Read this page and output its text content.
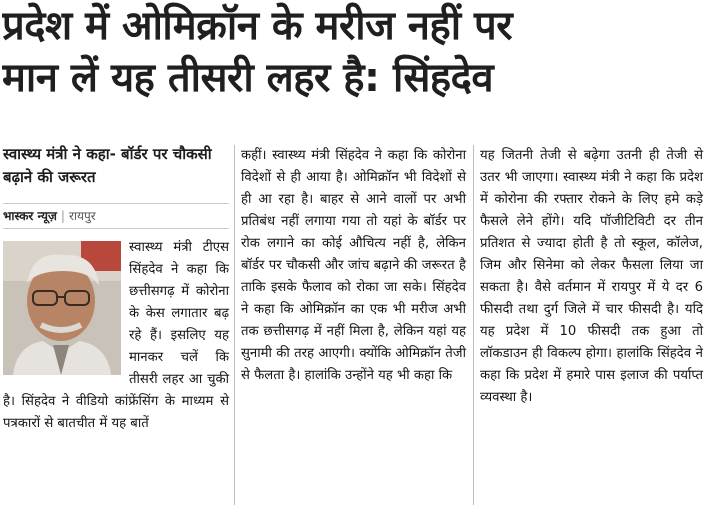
प्रदेश में ओमिक्रॉन के मरीज नहीं पर
मान लें यह तीसरी लहर है: सिंहदेव

स्वास्थ्य मंत्री ने कहा- बॉर्डर पर चौकसी बढ़ाने की जरूरत

भास्कर न्यूज़ | रायपुर
स्वास्थ्य मंत्री टीएस सिंहदेव ने कहा कि छत्तीसगढ़ में कोरोना के केस लगातार बढ़ रहे हैं। इसलिए यह मानकर चलें कि तीसरी लहर आ चुकी है। सिंहदेव ने वीडियो कांफ्रेंसिंग के माध्यम से पत्रकारों से बातचीत में यह बातें

कहीं। स्वास्थ्य मंत्री सिंहदेव ने कहा कि कोरोना विदेशों से ही आया है। ओमिक्रॉन भी विदेशों से ही आ रहा है। बाहर से आने वालों पर अभी प्रतिबंध नहीं लगाया गया तो यहां के बॉर्डर पर रोक लगाने का कोई औचित्य नहीं है, लेकिन बॉर्डर पर चौकसी और जांच बढ़ाने की जरूरत है ताकि इसके फैलाव को रोका जा सके। सिंहदेव ने कहा कि ओमिक्रॉन का एक भी मरीज अभी तक छत्तीसगढ़ में नहीं मिला है, लेकिन यहां यह सुनामी की तरह आएगी। क्योंकि ओमिक्रॉन तेजी से फैलता है। हालांकि उन्होंने यह भी कहा कि

यह जितनी तेजी से बढ़ेगा उतनी ही तेजी से उतर भी जाएगा। स्वास्थ्य मंत्री ने कहा कि प्रदेश में कोरोना की रफ्तार रोकने के लिए हमे कड़े फैसले लेने होंगे। यदि पॉजीटिविटी दर तीन प्रतिशत से ज्यादा होती है तो स्कूल, कॉलेज, जिम और सिनेमा को लेकर फैसला लिया जा सकता है। वैसे वर्तमान में रायपुर में ये दर 6 फीसदी तथा दुर्ग जिले में चार फीसदी है। यदि यह प्रदेश में 10 फीसदी तक हुआ तो लॉकडाउन ही विकल्प होगा। हालांकि सिंहदेव ने कहा कि प्रदेश में हमारे पास इलाज की पर्याप्त व्यवस्था है।
